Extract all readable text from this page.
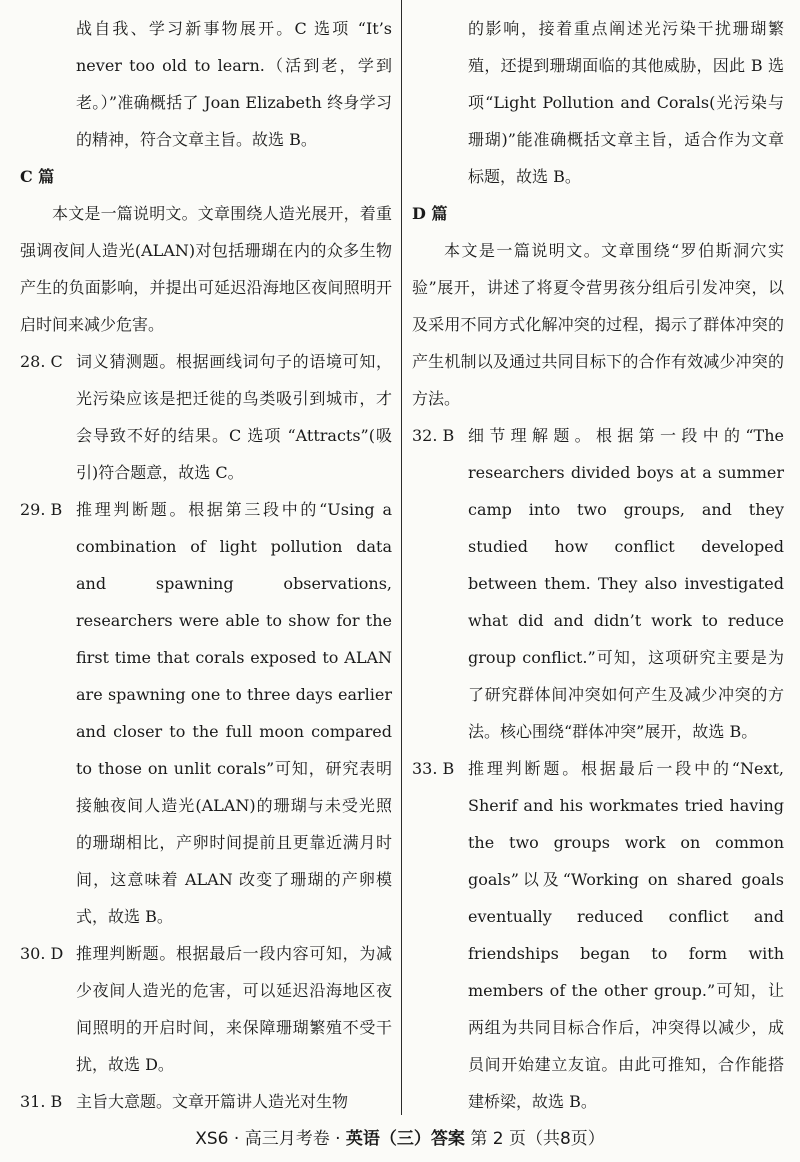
战自我、学习新事物展开。C 选项 “It’s never too old to learn.（活到老，学到老。）”准确概括了 Joan Elizabeth 终身学习的精神，符合文章主旨。故选 B。

C 篇

本文是一篇说明文。文章围绕人造光展开，着重强调夜间人造光(ALAN)对包括珊瑚在内的众多生物产生的负面影响，并提出可延迟沿海地区夜间照明开启时间来减少危害。

28. C 词义猜测题。根据画线词句子的语境可知，光污染应该是把迁徙的鸟类吸引到城市，才会导致不好的结果。C 选项 “Attracts”(吸引)符合题意，故选 C。
29. B 推理判断题。根据第三段中的“Using a combination of light pollution data and spawning observations, researchers were able to show for the first time that corals exposed to ALAN are spawning one to three days earlier and closer to the full moon compared to those on unlit corals”可知，研究表明接触夜间人造光(ALAN)的珊瑚与未受光照的珊瑚相比，产卵时间提前且更靠近满月时间，这意味着 ALAN 改变了珊瑚的产卵模式，故选 B。
30. D 推理判断题。根据最后一段内容可知，为减少夜间人造光的危害，可以延迟沿海地区夜间照明的开启时间，来保障珊瑚繁殖不受干扰，故选 D。
31. B 主旨大意题。文章开篇讲人造光对生物

的影响，接着重点阐述光污染干扰珊瑚繁殖，还提到珊瑚面临的其他威胁，因此 B 选项“Light Pollution and Corals(光污染与珊瑚)”能准确概括文章主旨，适合作为文章标题，故选 B。

D 篇

本文是一篇说明文。文章围绕“罗伯斯洞穴实验”展开，讲述了将夏令营男孩分组后引发冲突，以及采用不同方式化解冲突的过程，揭示了群体冲突的产生机制以及通过共同目标下的合作有效减少冲突的方法。

32. B 细节理解题。根据第一段中的“The researchers divided boys at a summer camp into two groups, and they studied how conflict developed between them. They also investigated what did and didn’t work to reduce group conflict.”可知，这项研究主要是为了研究群体间冲突如何产生及减少冲突的方法。核心围绕“群体冲突”展开，故选 B。
33. B 推理判断题。根据最后一段中的“Next, Sherif and his workmates tried having the two groups work on common goals”以及“Working on shared goals eventually reduced conflict and friendships began to form with members of the other group.”可知，让两组为共同目标合作后，冲突得以减少，成员间开始建立友谊。由此可推知，合作能搭建桥梁，故选 B。
XS6 · 高三月考卷 · 英语（三）答案 第 2 页（共8页）
